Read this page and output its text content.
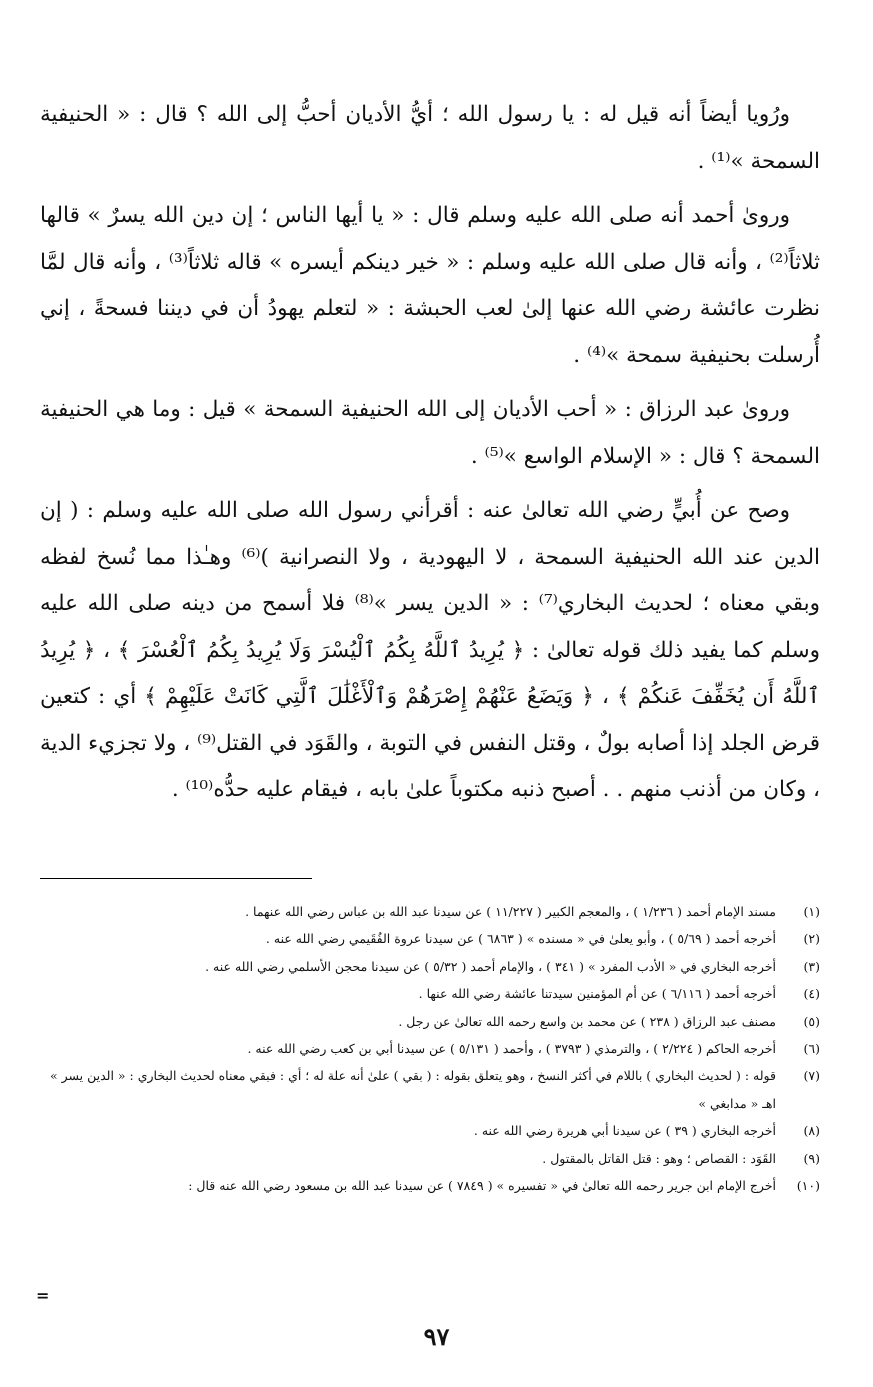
ورُويا أيضاً أنه قيل له : يا رسول الله ؛ أيُّ الأديان أحبُّ إلى الله ؟ قال : « الحنيفية السمحة »⁽¹⁾ .

وروىٰ أحمد أنه صلى الله عليه وسلم قال : « يا أيها الناس ؛ إن دين الله يسرٌ » قالها ثلاثاً⁽²⁾ ، وأنه قال صلى الله عليه وسلم : « خير دينكم أيسره » قاله ثلاثاً⁽³⁾ ، وأنه قال لمَّا نظرت عائشة رضي الله عنها إلىٰ لعب الحبشة : « لتعلم يهودُ أن في ديننا فسحةً ، إني أُرسلت بحنيفية سمحة »⁽⁴⁾ .

وروىٰ عبد الرزاق : « أحب الأديان إلى الله الحنيفية السمحة » قيل : وما هي الحنيفية السمحة ؟ قال : « الإسلام الواسع »⁽⁵⁾ .

وصح عن أُبيٍّ رضي الله تعالىٰ عنه : أقرأني رسول الله صلى الله عليه وسلم : ( إن الدين عند الله الحنيفية السمحة ، لا اليهودية ، ولا النصرانية )⁽⁶⁾ وهـٰذا مما نُسخ لفظه وبقي معناه ؛ لحديث البخاري⁽⁷⁾ : « الدين يسر »⁽⁸⁾ فلا أسمح من دينه صلى الله عليه وسلم كما يفيد ذلك قوله تعالىٰ : ﴿ يُرِيدُ ٱللَّهُ بِكُمُ ٱلْيُسْرَ وَلَا يُرِيدُ بِكُمُ ٱلْعُسْرَ ﴾ ، ﴿ يُرِيدُ ٱللَّهُ أَن يُخَفِّفَ عَنكُمْ ﴾ ، ﴿ وَيَضَعُ عَنْهُمْ إِصْرَهُمْ وَٱلْأَغْلَٰلَ ٱلَّتِي كَانَتْ عَلَيْهِمْ ﴾ أي : كتعين قرض الجلد إذا أصابه بولٌ ، وقتل النفس في التوبة ، والقَوَد في القتل⁽⁹⁾ ، ولا تجزيء الدية ، وكان من أذنب منهم . . أصبح ذنبه مكتوباً علىٰ بابه ، فيقام عليه حدُّه⁽¹⁰⁾ .

(١)
مسند الإمام أحمد ( ١/٢٣٦ ) ، والمعجم الكبير ( ١١/٢٢٧ ) عن سيدنا عبد الله بن عباس رضي الله عنهما .
(٢)
أخرجه أحمد ( ٥/٦٩ ) ، وأبو يعلىٰ في « مسنده » ( ٦٨٦٣ ) عن سيدنا عروة الفُقَيمي رضي الله عنه .
(٣)
أخرجه البخاري في « الأدب المفرد » ( ٣٤١ ) ، والإمام أحمد ( ٥/٣٢ ) عن سيدنا محجن الأسلمي رضي الله عنه .
(٤)
أخرجه أحمد ( ٦/١١٦ ) عن أم المؤمنين سيدتنا عائشة رضي الله عنها .
(٥)
مصنف عبد الرزاق ( ٢٣٨ ) عن محمد بن واسع رحمه الله تعالىٰ عن رجل .
(٦)
أخرجه الحاكم ( ٢/٢٢٤ ) ، والترمذي ( ٣٧٩٣ ) ، وأحمد ( ٥/١٣١ ) عن سيدنا أبي بن كعب رضي الله عنه .
(٧)
قوله : ( لحديث البخاري ) باللام في أكثر النسخ ، وهو يتعلق بقوله : ( بقي ) علىٰ أنه علة له ؛ أي : فبقي معناه لحديث البخاري : « الدين يسر » اهـ « مدابغي »
(٨)
أخرجه البخاري ( ٣٩ ) عن سيدنا أبي هريرة رضي الله عنه .
(٩)
القَوَد : القصاص ؛ وهو : قتل القاتل بالمقتول .
(١٠)
أخرج الإمام ابن جرير رحمه الله تعالىٰ في « تفسيره » ( ٧٨٤٩ ) عن سيدنا عبد الله بن مسعود رضي الله عنه قال :
=
٩٧
